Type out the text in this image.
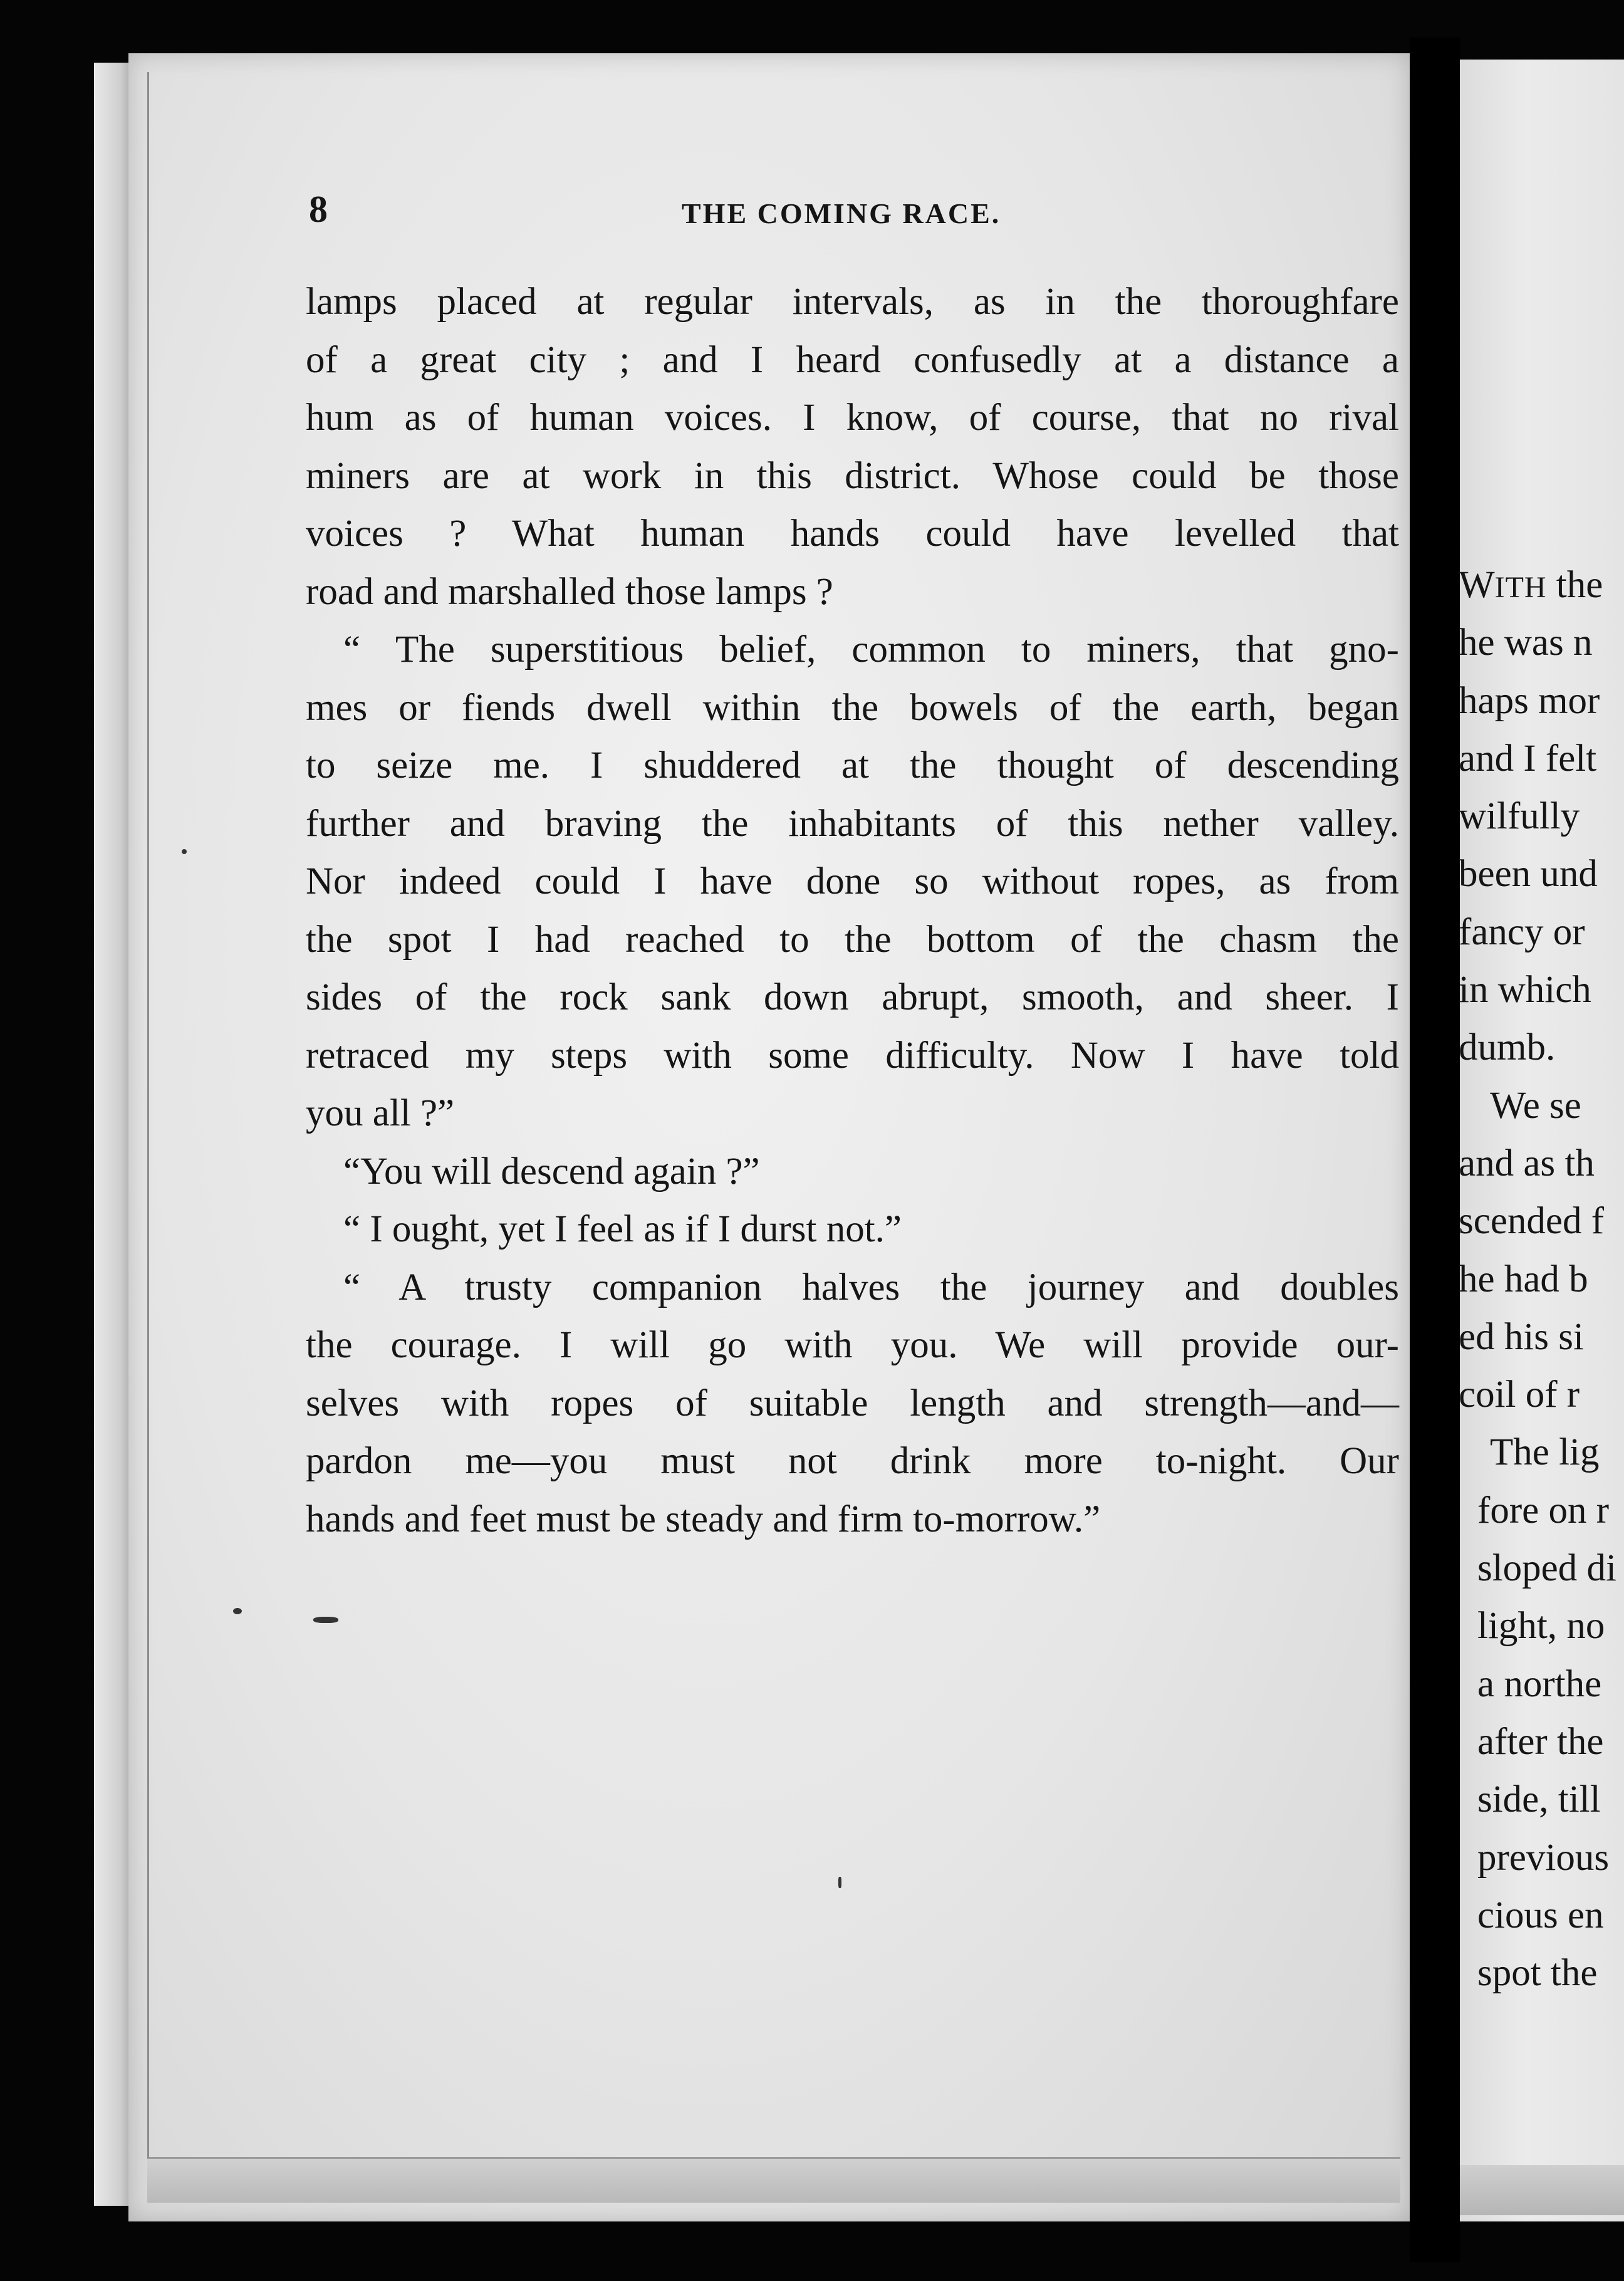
8	THE COMING RACE.
lamps placed at regular intervals, as in the thoroughfare
of a great city ; and I heard confusedly at a distance a
hum as of human voices. I know, of course, that no rival
miners are at work in this district. Whose could be those
voices ? What human hands could have levelled that
road and marshalled those lamps ?
“ The superstitious belief, common to miners, that gno-
mes or fiends dwell within the bowels of the earth, began
to seize me. I shuddered at the thought of descending
further and braving the inhabitants of this nether valley.
Nor indeed could I have done so without ropes, as from
the spot I had reached to the bottom of the chasm the
sides of the rock sank down abrupt, smooth, and sheer. I
retraced my steps with some difficulty. Now I have told
you all ?”
“You will descend again ?”
“ I ought, yet I feel as if I durst not.”
“ A trusty companion halves the journey and doubles
the courage. I will go with you. We will provide our-
selves with ropes of suitable length and strength—and—
pardon me—you must not drink more to-night. Our
hands and feet must be steady and firm to-morrow.”
WITH the
he was n
haps mor
and I felt
wilfully
been und
fancy or
in which
dumb.
We se
and as th
scended f
he had b
ed his si
coil of r
The lig
fore on r
sloped di
light, no
a northe
after the
side, till
previous
cious en
spot the
